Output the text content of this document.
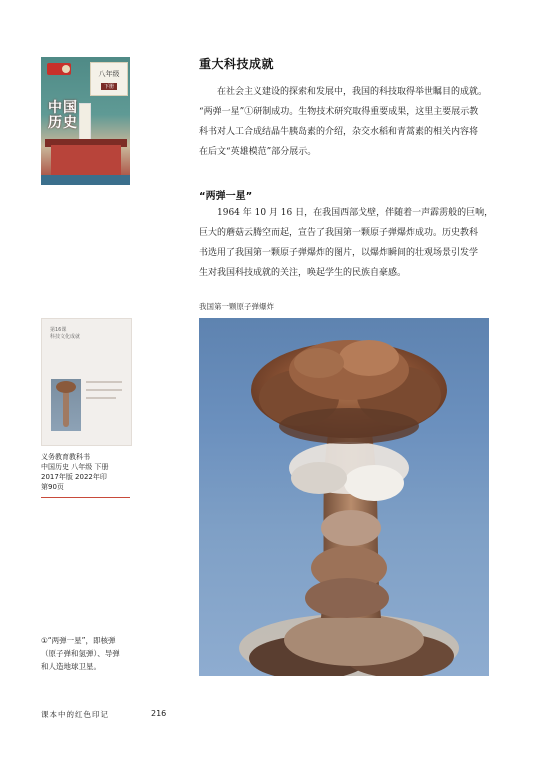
八年级
下册
中国
历史
第16课
科技文化成就
义务教育教科书
中国历史 八年级 下册
2017年版 2022年印
第90页
①“两弹一星”，即核弹
（原子弹和氢弹）、导弹
和人造地球卫星。
重大科技成就
在社会主义建设的探索和发展中，我国的科技取得举世瞩目的成就。
“两弹一星”①研制成功。生物技术研究取得重要成果，这里主要展示教
科书对人工合成结晶牛胰岛素的介绍，杂交水稻和青蒿素的相关内容将
在后文“英雄模范”部分展示。
“两弹一星”
1964 年 10 月 16 日，在我国西部戈壁，伴随着一声霹雳般的巨响，
巨大的蘑菇云腾空而起，宣告了我国第一颗原子弹爆炸成功。历史教科
书选用了我国第一颗原子弹爆炸的图片，以爆炸瞬间的壮观场景引发学
生对我国科技成就的关注，唤起学生的民族自豪感。
我国第一颗原子弹爆炸
课本中的红色印记	216
